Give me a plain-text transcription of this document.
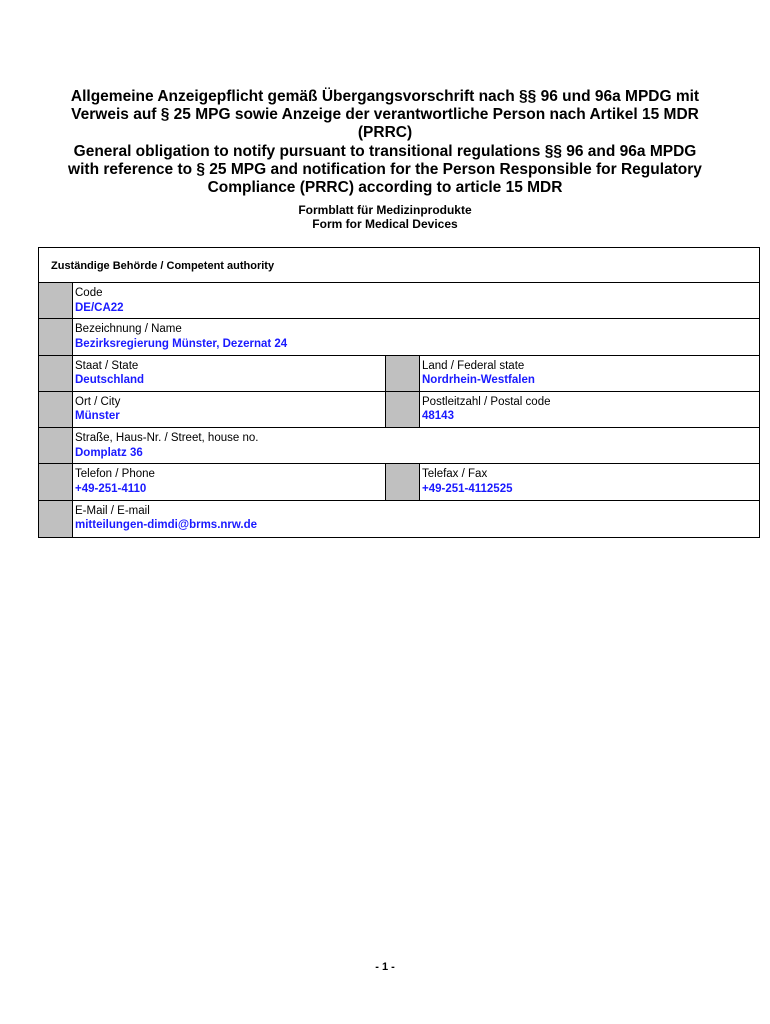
Allgemeine Anzeigepflicht gemäß Übergangsvorschrift nach §§ 96 und 96a MPDG mit
Verweis auf § 25 MPG sowie Anzeige der verantwortliche Person nach Artikel 15 MDR
(PRRC)
General obligation to notify pursuant to transitional regulations §§ 96 and 96a MPDG
with reference to § 25 MPG and notification for the Person Responsible for Regulatory
Compliance (PRRC) according to article 15 MDR
Formblatt für Medizinprodukte
Form for Medical Devices
Zuständige Behörde / Competent authority
Code
DE/CA22
Bezeichnung / Name
Bezirksregierung Münster, Dezernat 24
Staat / State
Deutschland
Land / Federal state
Nordrhein-Westfalen
Ort / City
Münster
Postleitzahl / Postal code
48143
Straße, Haus-Nr. / Street, house no.
Domplatz 36
Telefon / Phone
+49-251-4110
Telefax / Fax
+49-251-4112525
E-Mail / E-mail
mitteilungen-dimdi@brms.nrw.de
- 1 -
